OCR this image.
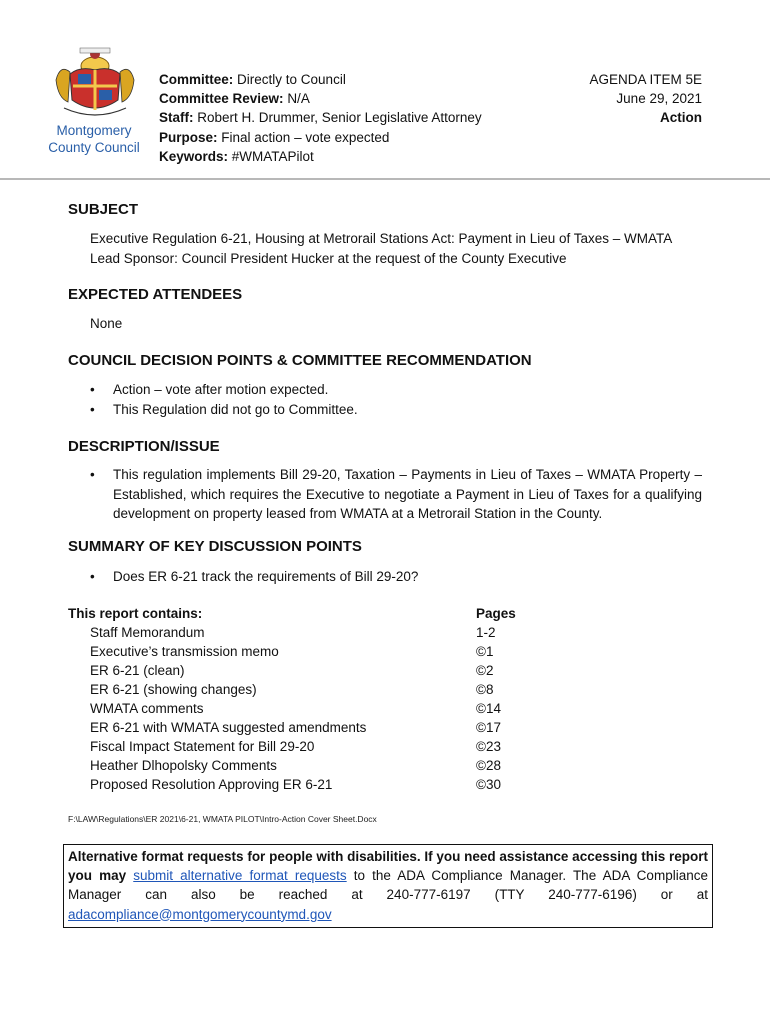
Montgomery
County Council
Committee: Directly to Council
Committee Review: N/A
Staff: Robert H. Drummer, Senior Legislative Attorney
Purpose: Final action – vote expected
Keywords: #WMATAPilot
AGENDA ITEM 5E
June 29, 2021
Action
SUBJECT
Executive Regulation 6-21, Housing at Metrorail Stations Act: Payment in Lieu of Taxes – WMATA
Lead Sponsor: Council President Hucker at the request of the County Executive
EXPECTED ATTENDEES
None
COUNCIL DECISION POINTS & COMMITTEE RECOMMENDATION
• Action – vote after motion expected.
• This Regulation did not go to Committee.
DESCRIPTION/ISSUE
• This regulation implements Bill 29-20, Taxation – Payments in Lieu of Taxes – WMATA Property – Established, which requires the Executive to negotiate a Payment in Lieu of Taxes for a qualifying development on property leased from WMATA at a Metrorail Station in the County.
SUMMARY OF KEY DISCUSSION POINTS
• Does ER 6-21 track the requirements of Bill 29-20?
This report contains:	Pages
Staff Memorandum	1-2
Executive’s transmission memo	©1
ER 6-21 (clean)	©2
ER 6-21 (showing changes)	©8
WMATA comments	©14
ER 6-21 with WMATA suggested amendments	©17
Fiscal Impact Statement for Bill 29-20	©23
Heather Dlhopolsky Comments	©28
Proposed Resolution Approving ER 6-21	©30
F:\LAW\Regulations\ER 2021\6-21, WMATA PILOT\Intro-Action Cover Sheet.Docx
Alternative format requests for people with disabilities. If you need assistance accessing this report you may submit alternative format requests to the ADA Compliance Manager. The ADA Compliance Manager can also be reached at 240-777-6197 (TTY 240-777-6196) or at adacompliance@montgomerycountymd.gov
